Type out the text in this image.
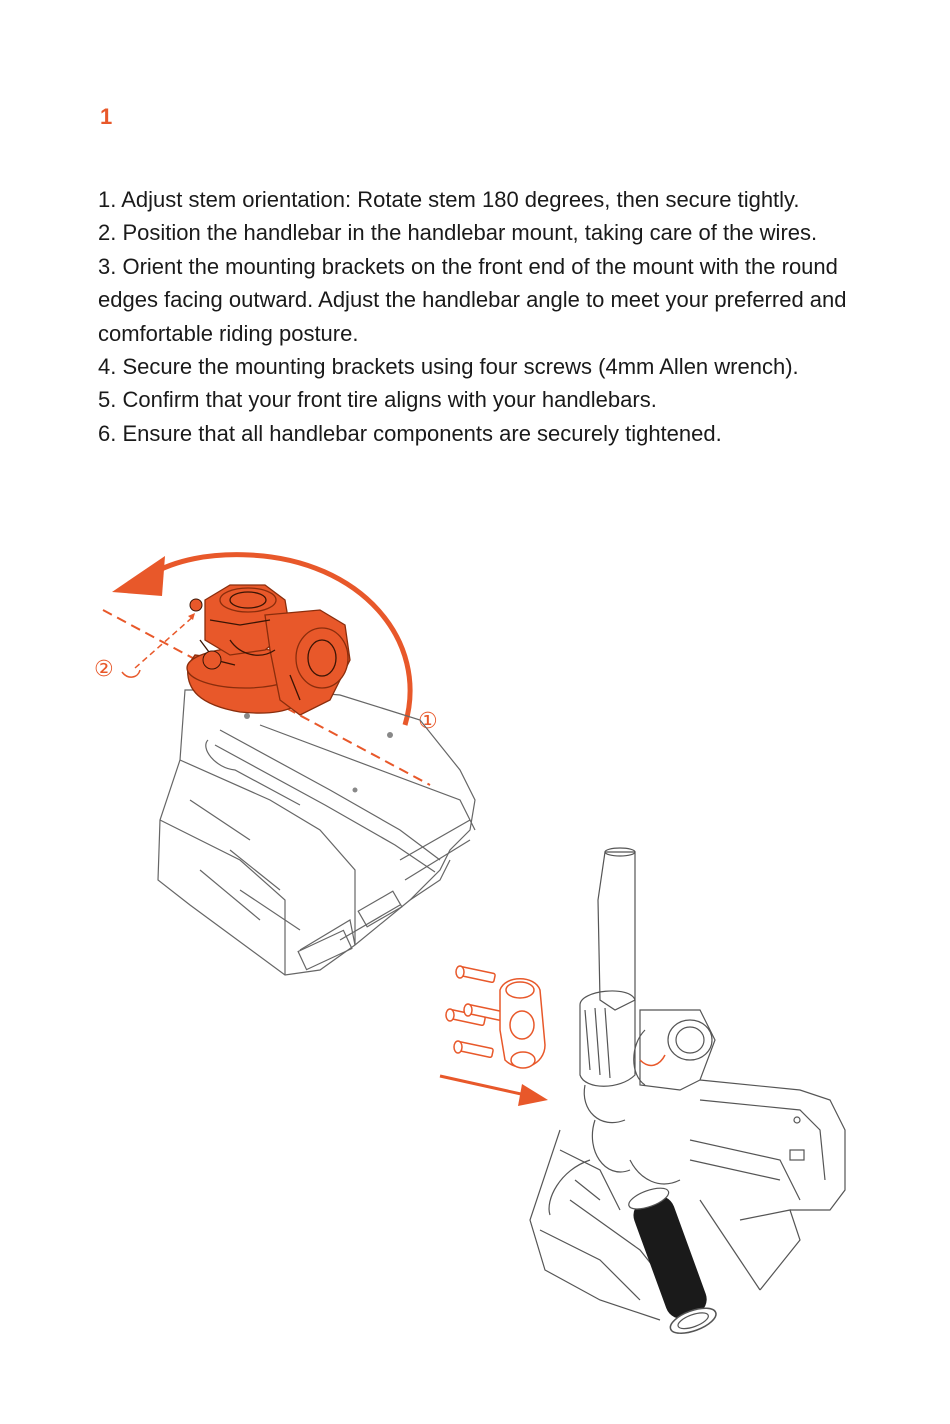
1

1. Adjust stem orientation: Rotate stem 180 degrees, then secure tightly.

2. Position the handlebar in the handlebar mount, taking care of the wires.

3. Orient the mounting brackets on the front end of the mount with the round edges facing outward. Adjust the handlebar angle to meet your preferred and comfortable riding posture.

4. Secure the mounting brackets using four screws (4mm Allen wrench).

5. Confirm that your front tire aligns with your handlebars.

6. Ensure that all handlebar components are securely tightened.

①
②
